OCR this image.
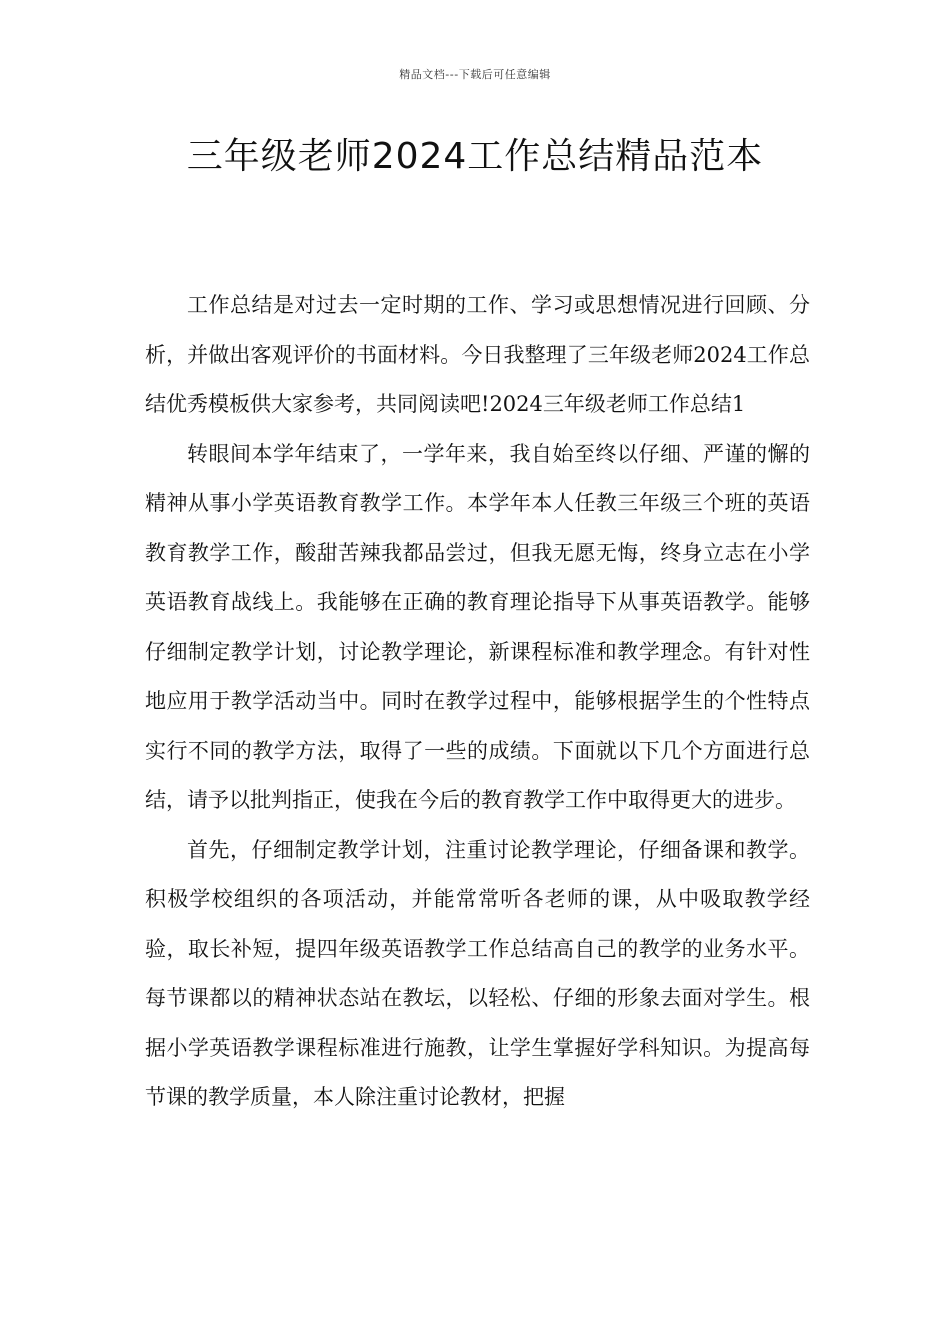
精品文档---下载后可任意编辑
三年级老师2024工作总结精品范本

工作总结是对过去一定时期的工作、学习或思想情况进行回顾、分析，并做出客观评价的书面材料。今日我整理了三年级老师2024工作总结优秀模板供大家参考，共同阅读吧!2024三年级老师工作总结1

转眼间本学年结束了，一学年来，我自始至终以仔细、严谨的懈的精神从事小学英语教育教学工作。本学年本人任教三年级三个班的英语教育教学工作，酸甜苦辣我都品尝过，但我无愿无悔，终身立志在小学英语教育战线上。我能够在正确的教育理论指导下从事英语教学。能够仔细制定教学计划，讨论教学理论，新课程标准和教学理念。有针对性地应用于教学活动当中。同时在教学过程中，能够根据学生的个性特点实行不同的教学方法，取得了一些的成绩。下面就以下几个方面进行总结，请予以批判指正，使我在今后的教育教学工作中取得更大的进步。

首先，仔细制定教学计划，注重讨论教学理论，仔细备课和教学。积极学校组织的各项活动，并能常常听各老师的课，从中吸取教学经验，取长补短，提四年级英语教学工作总结高自己的教学的业务水平。每节课都以的精神状态站在教坛，以轻松、仔细的形象去面对学生。根据小学英语教学课程标准进行施教，让学生掌握好学科知识。为提高每节课的教学质量，本人除注重讨论教材，把握
